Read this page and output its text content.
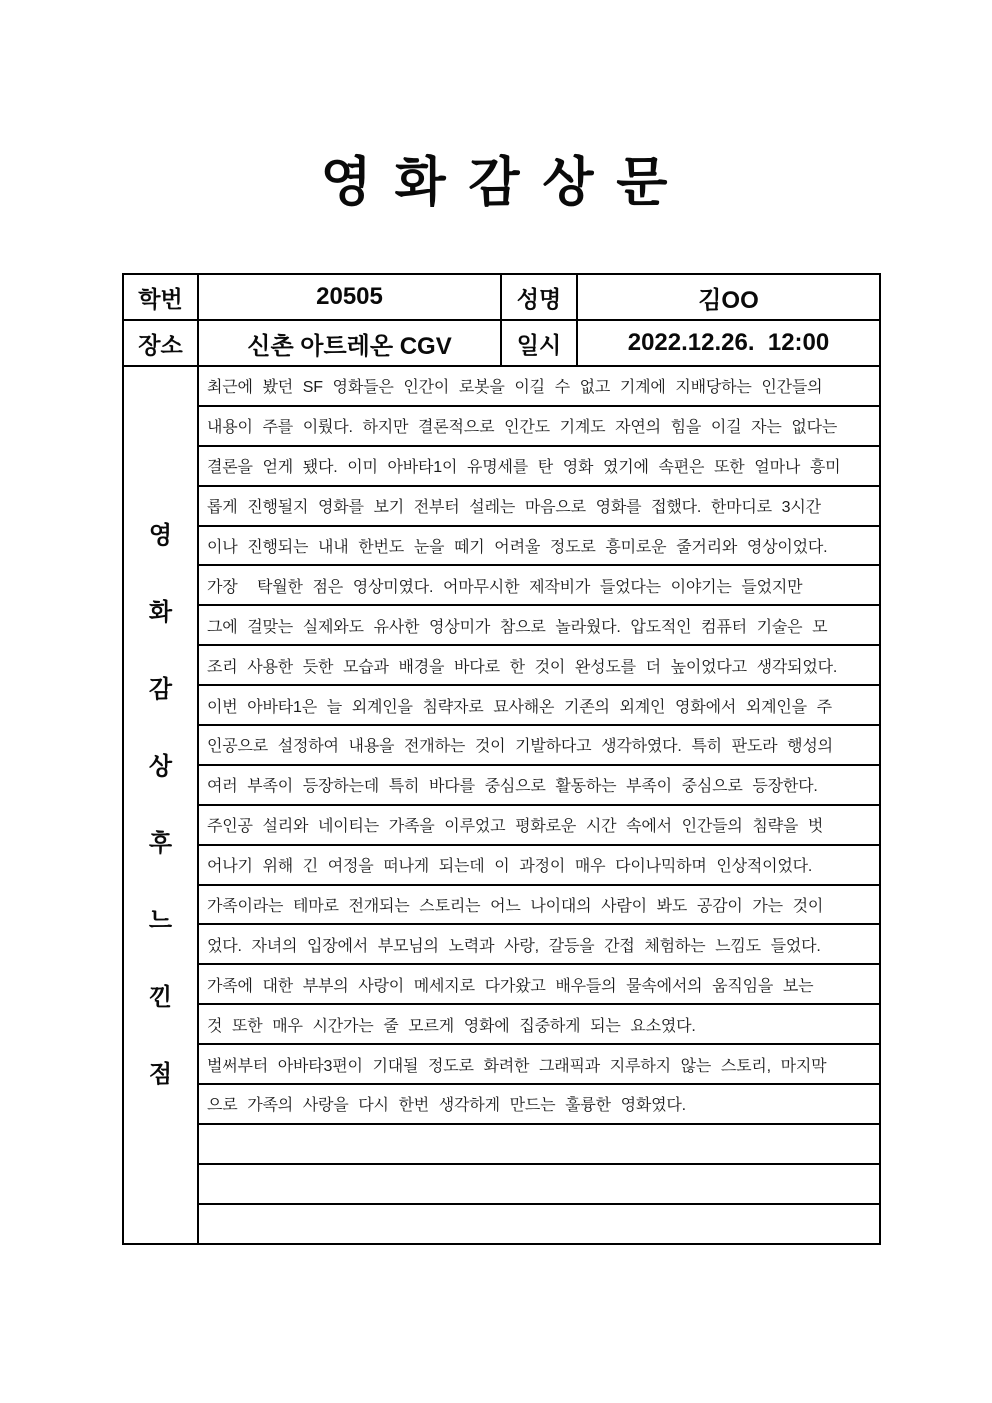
영 화 감 상 문
학번	20505	성명	김OO
장소	신촌 아트레온 CGV	일시	2022.12.26.  12:00

영
화
감
상
후
느
낀
점
	최근에 봤던 SF 영화들은 인간이 로봇을 이길 수 없고 기계에 지배당하는 인간들의
	내용이 주를 이뤘다. 하지만 결론적으로 인간도 기계도 자연의 힘을 이길 자는 없다는		
	결론을 얻게 됐다. 이미 아바타1이 유명세를 탄 영화 였기에 속편은 또한 얼마나 흥미		
	롭게 진행될지 영화를 보기 전부터 설레는 마음으로 영화를 접했다. 한마디로 3시간		
	이나 진행되는 내내 한번도 눈을 떼기 어려울 정도로 흥미로운 줄거리와 영상이었다.		
	가장  탁월한 점은 영상미였다. 어마무시한 제작비가 들었다는 이야기는 들었지만		
	그에 걸맞는 실제와도 유사한 영상미가 참으로 놀라웠다. 압도적인 컴퓨터 기술은 모		
	조리 사용한 듯한 모습과 배경을 바다로 한 것이 완성도를 더 높이었다고 생각되었다.		
	이번 아바타1은 늘 외계인을 침략자로 묘사해온 기존의 외계인 영화에서 외계인을 주		
	인공으로 설정하여 내용을 전개하는 것이 기발하다고 생각하였다. 특히 판도라 행성의		
	여러 부족이 등장하는데 특히 바다를 중심으로 활동하는 부족이 중심으로 등장한다.		
	주인공 설리와 네이티는 가족을 이루었고 평화로운 시간 속에서 인간들의 침략을 벗		
	어나기 위해 긴 여정을 떠나게 되는데 이 과정이 매우 다이나믹하며 인상적이었다.		
	가족이라는 테마로 전개되는 스토리는 어느 나이대의 사람이 봐도 공감이 가는 것이		
	었다. 자녀의 입장에서 부모님의 노력과 사랑, 갈등을 간접 체험하는 느낌도 들었다.		
	가족에 대한 부부의 사랑이 메세지로 다가왔고 배우들의 물속에서의 움직임을 보는		
	것 또한 매우 시간가는 줄 모르게 영화에 집중하게 되는 요소였다.		
	벌써부터 아바타3편이 기대될 정도로 화려한 그래픽과 지루하지 않는 스토리, 마지막		
	으로 가족의 사랑을 다시 한번 생각하게 만드는 훌륭한 영화였다.		
